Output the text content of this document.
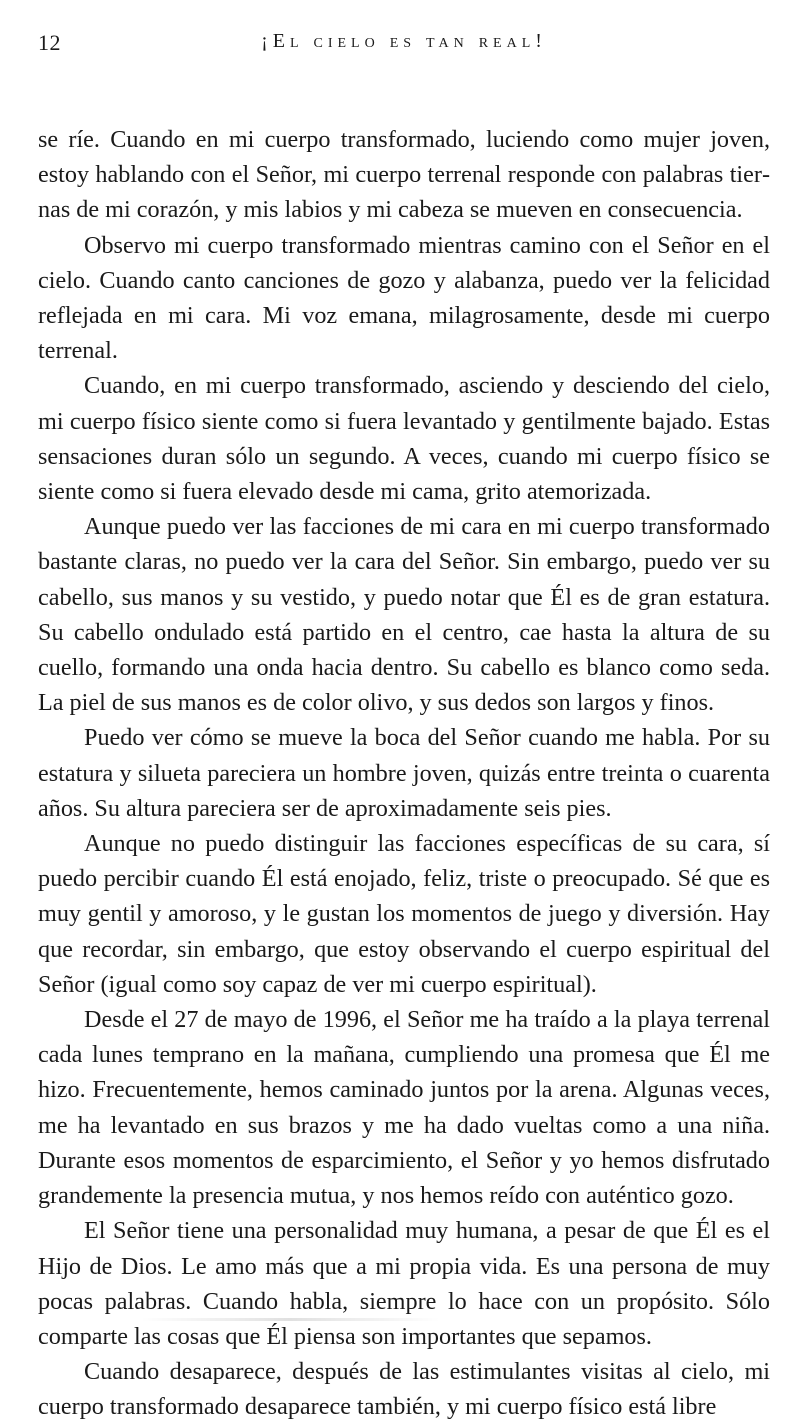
12	¡El cielo es tan real!

se ríe. Cuando en mi cuerpo transformado, luciendo como mujer joven, estoy hablando con el Señor, mi cuerpo terrenal responde con palabras tiernas de mi corazón, y mis labios y mi cabeza se mueven en consecuencia.

Observo mi cuerpo transformado mientras camino con el Señor en el cielo. Cuando canto canciones de gozo y alabanza, puedo ver la felicidad reflejada en mi cara. Mi voz emana, milagrosamente, desde mi cuerpo terrenal.

Cuando, en mi cuerpo transformado, asciendo y desciendo del cielo, mi cuerpo físico siente como si fuera levantado y gentilmente bajado. Estas sensaciones duran sólo un segundo. A veces, cuando mi cuerpo físico se siente como si fuera elevado desde mi cama, grito atemorizada.

Aunque puedo ver las facciones de mi cara en mi cuerpo transformado bastante claras, no puedo ver la cara del Señor. Sin embargo, puedo ver su cabello, sus manos y su vestido, y puedo notar que Él es de gran estatura. Su cabello ondulado está partido en el centro, cae hasta la altura de su cuello, formando una onda hacia dentro. Su cabello es blanco como seda. La piel de sus manos es de color olivo, y sus dedos son largos y finos.

Puedo ver cómo se mueve la boca del Señor cuando me habla. Por su estatura y silueta pareciera un hombre joven, quizás entre treinta o cuarenta años. Su altura pareciera ser de aproximadamente seis pies.

Aunque no puedo distinguir las facciones específicas de su cara, sí puedo percibir cuando Él está enojado, feliz, triste o preocupado. Sé que es muy gentil y amoroso, y le gustan los momentos de juego y diversión. Hay que recordar, sin embargo, que estoy observando el cuerpo espiritual del Señor (igual como soy capaz de ver mi cuerpo espiritual).

Desde el 27 de mayo de 1996, el Señor me ha traído a la playa terrenal cada lunes temprano en la mañana, cumpliendo una promesa que Él me hizo. Frecuentemente, hemos caminado juntos por la arena. Algunas veces, me ha levantado en sus brazos y me ha dado vueltas como a una niña. Durante esos momentos de esparcimiento, el Señor y yo hemos disfrutado grandemente la presencia mutua, y nos hemos reído con auténtico gozo.

El Señor tiene una personalidad muy humana, a pesar de que Él es el Hijo de Dios. Le amo más que a mi propia vida. Es una persona de muy pocas palabras. Cuando habla, siempre lo hace con un propósito. Sólo comparte las cosas que Él piensa son importantes que sepamos.

Cuando desaparece, después de las estimulantes visitas al cielo, mi cuerpo transformado desaparece también, y mi cuerpo físico está libre
